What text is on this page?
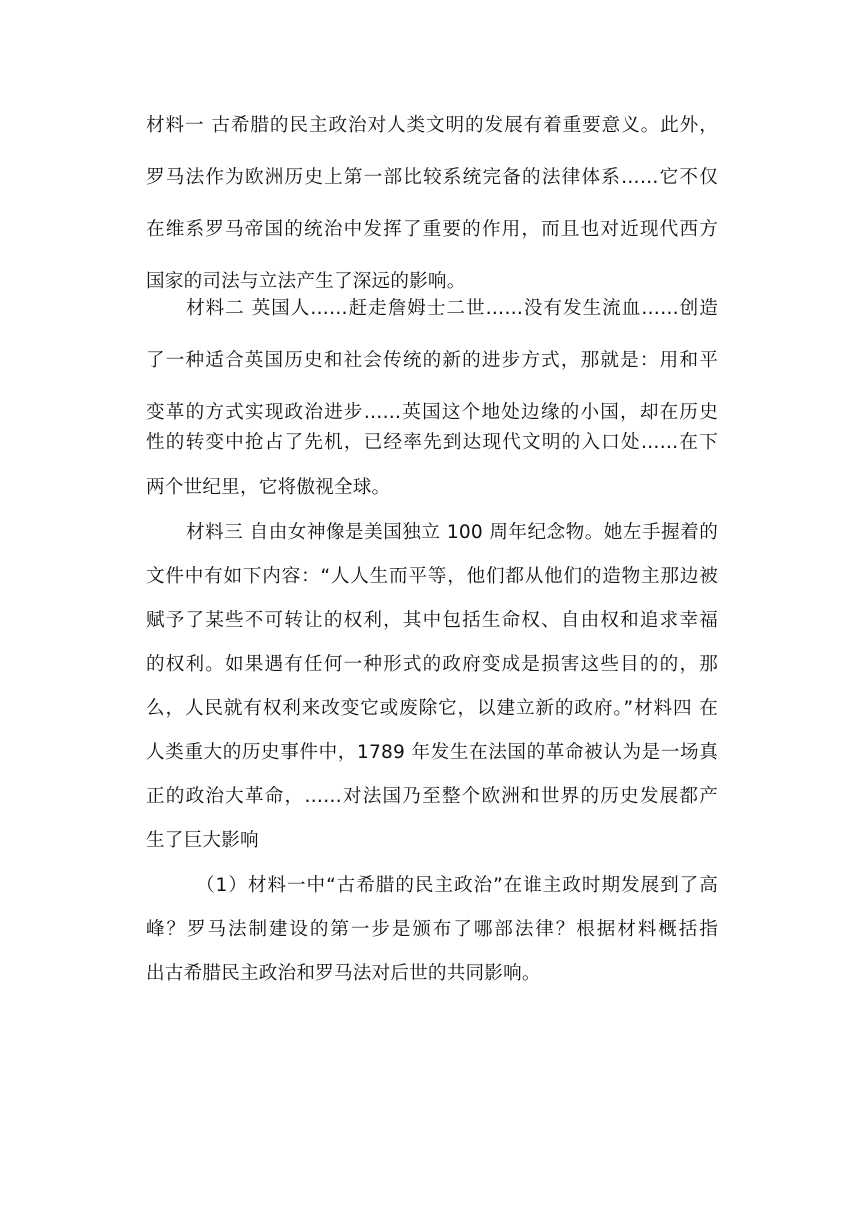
材料一 古希腊的民主政治对人类文明的发展有着重要意义。此外，
罗马法作为欧洲历史上第一部比较系统完备的法律体系……它不仅
在维系罗马帝国的统治中发挥了重要的作用，而且也对近现代西方
国家的司法与立法产生了深远的影响。
材料二 英国人……赶走詹姆士二世……没有发生流血……创造
了一种适合英国历史和社会传统的新的进步方式，那就是：用和平
变革的方式实现政治进步……英国这个地处边缘的小国，却在历史
性的转变中抢占了先机，已经率先到达现代文明的入口处……在下
两个世纪里，它将傲视全球。
材料三 自由女神像是美国独立 100 周年纪念物。她左手握着的
文件中有如下内容：“人人生而平等，他们都从他们的造物主那边被
赋予了某些不可转让的权利，其中包括生命权、自由权和追求幸福
的权利。如果遇有任何一种形式的政府变成是损害这些目的的，那
么，人民就有权利来改变它或废除它，以建立新的政府。”材料四 在
人类重大的历史事件中，1789 年发生在法国的革命被认为是一场真
正的政治大革命，……对法国乃至整个欧洲和世界的历史发展都产
生了巨大影响
（1）材料一中“古希腊的民主政治”在谁主政时期发展到了高
峰？罗马法制建设的第一步是颁布了哪部法律？根据材料概括指
出古希腊民主政治和罗马法对后世的共同影响。
